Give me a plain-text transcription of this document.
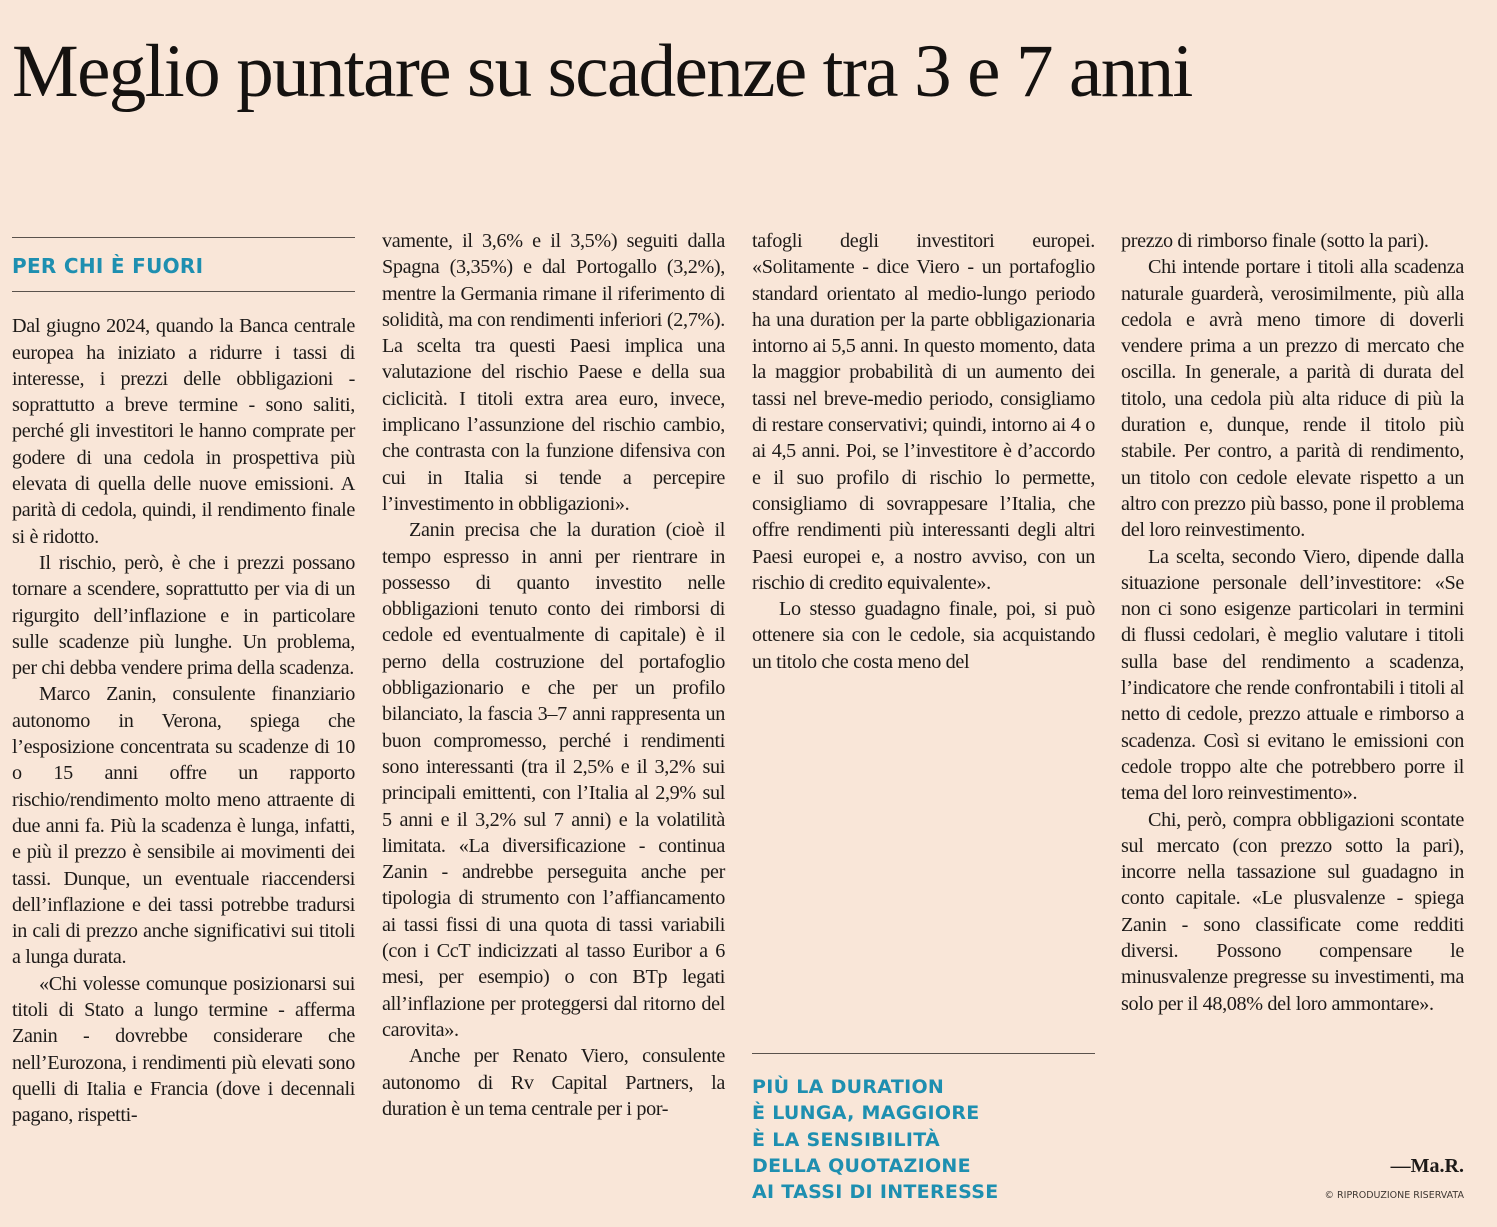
Meglio puntare su scadenze tra 3 e 7 anni
PER CHI È FUORI

Dal giugno 2024, quando la Banca centrale europea ha iniziato a ridurre i tassi di interesse, i prezzi delle obbligazioni - soprattutto a breve termine - sono saliti, perché gli investitori le hanno comprate per godere di una cedola in prospettiva più elevata di quella delle nuove emissioni. A parità di cedola, quindi, il rendimento finale si è ridotto.

Il rischio, però, è che i prezzi possano tornare a scendere, soprattutto per via di un rigurgito dell’inflazione e in particolare sulle scadenze più lunghe. Un problema, per chi debba vendere prima della scadenza.

Marco Zanin, consulente finanziario autonomo in Verona, spiega che l’esposizione concentrata su scadenze di 10 o 15 anni offre un rapporto rischio/rendimento molto meno attraente di due anni fa. Più la scadenza è lunga, infatti, e più il prezzo è sensibile ai movimenti dei tassi. Dunque, un eventuale riaccendersi dell’inflazione e dei tassi potrebbe tradursi in cali di prezzo anche significativi sui titoli a lunga durata.

«Chi volesse comunque posizionarsi sui titoli di Stato a lungo termine - afferma Zanin - dovrebbe considerare che nell’Eurozona, i rendimenti più elevati sono quelli di Italia e Francia (dove i decennali pagano, rispetti-

vamente, il 3,6% e il 3,5%) seguiti dalla Spagna (3,35%) e dal Portogallo (3,2%), mentre la Germania rimane il riferimento di solidità, ma con rendimenti inferiori (2,7%). La scelta tra questi Paesi implica una valutazione del rischio Paese e della sua ciclicità. I titoli extra area euro, invece, implicano l’assunzione del rischio cambio, che contrasta con la funzione difensiva con cui in Italia si tende a percepire l’investimento in obbligazioni».

Zanin precisa che la duration (cioè il tempo espresso in anni per rientrare in possesso di quanto investito nelle obbligazioni tenuto conto dei rimborsi di cedole ed eventualmente di capitale) è il perno della costruzione del portafoglio obbligazionario e che per un profilo bilanciato, la fascia 3–7 anni rappresenta un buon compromesso, perché i rendimenti sono interessanti (tra il 2,5% e il 3,2% sui principali emittenti, con l’Italia al 2,9% sul 5 anni e il 3,2% sul 7 anni) e la volatilità limitata. «La diversificazione - continua Zanin - andrebbe perseguita anche per tipologia di strumento con l’affiancamento ai tassi fissi di una quota di tassi variabili (con i CcT indicizzati al tasso Euribor a 6 mesi, per esempio) o con BTp legati all’inflazione per proteggersi dal ritorno del carovita».

Anche per Renato Viero, consulente autonomo di Rv Capital Partners, la duration è un tema centrale per i por-

tafogli degli investitori europei. «Solitamente - dice Viero - un portafoglio standard orientato al medio-lungo periodo ha una duration per la parte obbligazionaria intorno ai 5,5 anni. In questo momento, data la maggior probabilità di un aumento dei tassi nel breve-medio periodo, consigliamo di restare conservativi; quindi, intorno ai 4 o ai 4,5 anni. Poi, se l’investitore è d’accordo e il suo profilo di rischio lo permette, consigliamo di sovrappesare l’Italia, che offre rendimenti più interessanti degli altri Paesi europei e, a nostro avviso, con un rischio di credito equivalente».

Lo stesso guadagno finale, poi, si può ottenere sia con le cedole, sia acquistando un titolo che costa meno del

PIÙ LA DURATION
È LUNGA, MAGGIORE
È LA SENSIBILITÀ
DELLA QUOTAZIONE
AI TASSI DI INTERESSE

prezzo di rimborso finale (sotto la pari).

Chi intende portare i titoli alla scadenza naturale guarderà, verosimilmente, più alla cedola e avrà meno timore di doverli vendere prima a un prezzo di mercato che oscilla. In generale, a parità di durata del titolo, una cedola più alta riduce di più la duration e, dunque, rende il titolo più stabile. Per contro, a parità di rendimento, un titolo con cedole elevate rispetto a un altro con prezzo più basso, pone il problema del loro reinvestimento.

La scelta, secondo Viero, dipende dalla situazione personale dell’investitore: «Se non ci sono esigenze particolari in termini di flussi cedolari, è meglio valutare i titoli sulla base del rendimento a scadenza, l’indicatore che rende confrontabili i titoli al netto di cedole, prezzo attuale e rimborso a scadenza. Così si evitano le emissioni con cedole troppo alte che potrebbero porre il tema del loro reinvestimento».

Chi, però, compra obbligazioni scontate sul mercato (con prezzo sotto la pari), incorre nella tassazione sul guadagno in conto capitale. «Le plusvalenze - spiega Zanin - sono classificate come redditi diversi. Possono compensare le minusvalenze pregresse su investimenti, ma solo per il 48,08% del loro ammontare».

—Ma.R.
© RIPRODUZIONE RISERVATA
